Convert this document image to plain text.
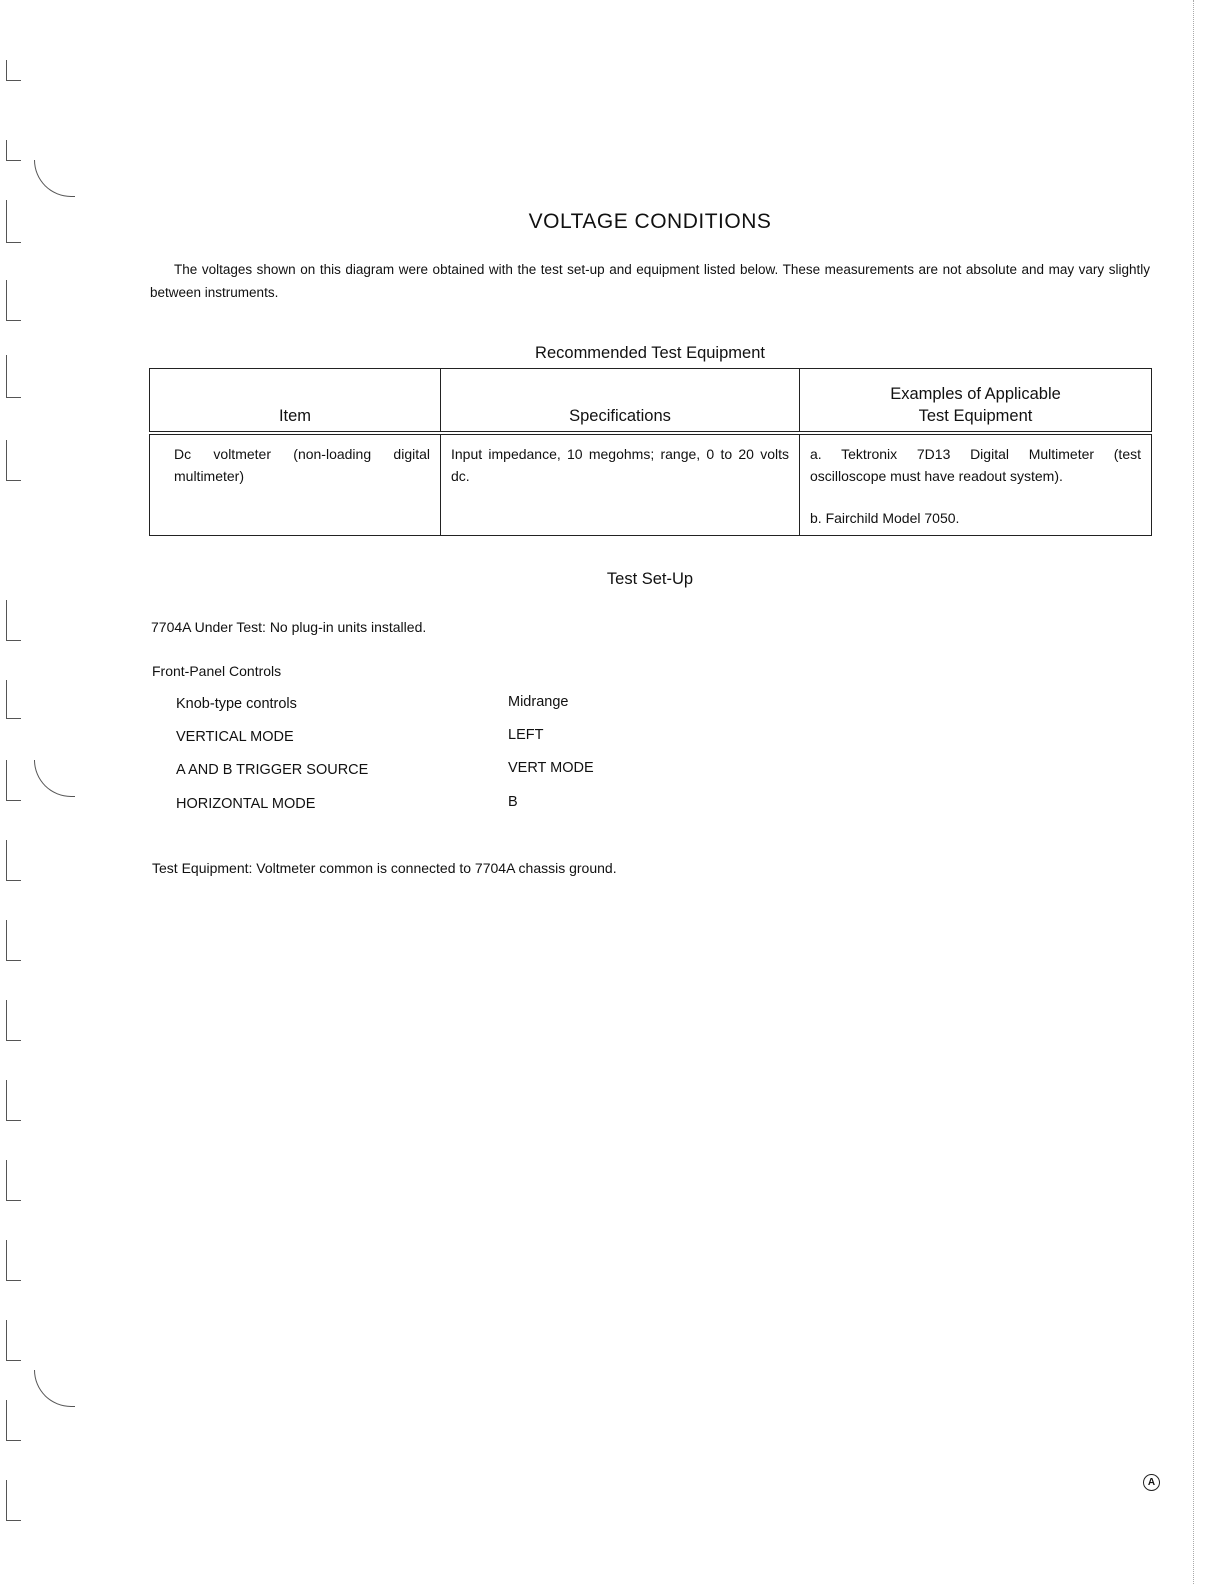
VOLTAGE CONDITIONS

The voltages shown on this diagram were obtained with the test set-up and equipment listed below. These measurements are not absolute and may vary slightly between instruments.

Recommended Test Equipment
Item	Specifications	Examples of Applicable
Test Equipment

Dc voltmeter (non-loading digital multimeter)	Input impedance, 10 megohms; range, 0 to 20 volts dc.	a. Tektronix 7D13 Digital Multimeter (test oscilloscope must have readout system).
b. Fairchild Model 7050.
Test Set-Up
7704A Under Test: No plug-in units installed.
Front-Panel Controls
Knob-type controls	Midrange
VERTICAL MODE	LEFT
A AND B TRIGGER SOURCE	VERT MODE
HORIZONTAL MODE	B
Test Equipment: Voltmeter common is connected to 7704A chassis ground.
A
